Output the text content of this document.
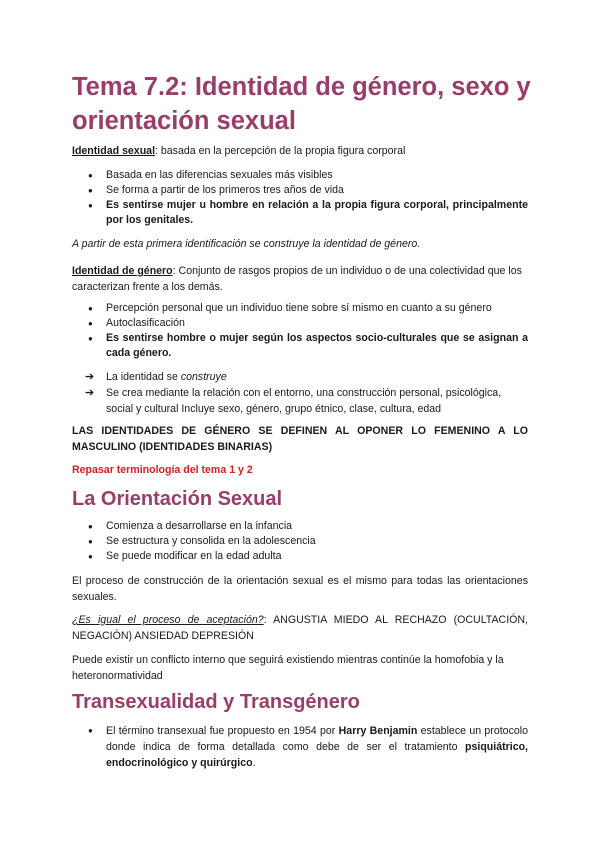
Tema 7.2: Identidad de género, sexo y orientación sexual

Identidad sexual: basada en la percepción de la propia figura corporal

● Basada en las diferencias sexuales más visibles
● Se forma a partir de los primeros tres años de vida
● Es sentirse mujer u hombre en relación a la propia figura corporal, principalmente por los genitales.

A partir de esta primera identificación se construye la identidad de género.

Identidad de género: Conjunto de rasgos propios de un individuo o de una colectividad que los caracterizan frente a los demás.

● Percepción personal que un individuo tiene sobre sí mismo en cuanto a su género
● Autoclasificación
● Es sentirse hombre o mujer según los aspectos socio-culturales que se asignan a cada género.
➔ La identidad se construye
➔ Se crea mediante la relación con el entorno, una construcción personal, psicológica, social y cultural Incluye sexo, género, grupo étnico, clase, cultura, edad

LAS IDENTIDADES DE GÉNERO SE DEFINEN AL OPONER LO FEMENINO A LO MASCULINO (IDENTIDADES BINARIAS)

Repasar terminología del tema 1 y 2

La Orientación Sexual
● Comienza a desarrollarse en la infancia
● Se estructura y consolida en la adolescencia
● Se puede modificar en la edad adulta

El proceso de construcción de la orientación sexual es el mismo para todas las orientaciones sexuales.

¿Es igual el proceso de aceptación?: ANGUSTIA MIEDO AL RECHAZO (OCULTACIÓN, NEGACIÓN) ANSIEDAD DEPRESIÓN

Puede existir un conflicto interno que seguirá existiendo mientras continúe la homofobia y la heteronormatividad

Transexualidad y Transgénero
● El término transexual fue propuesto en 1954 por Harry Benjamin establece un protocolo donde indica de forma detallada como debe de ser el tratamiento psiquiátrico, endocrinológico y quirúrgico.
